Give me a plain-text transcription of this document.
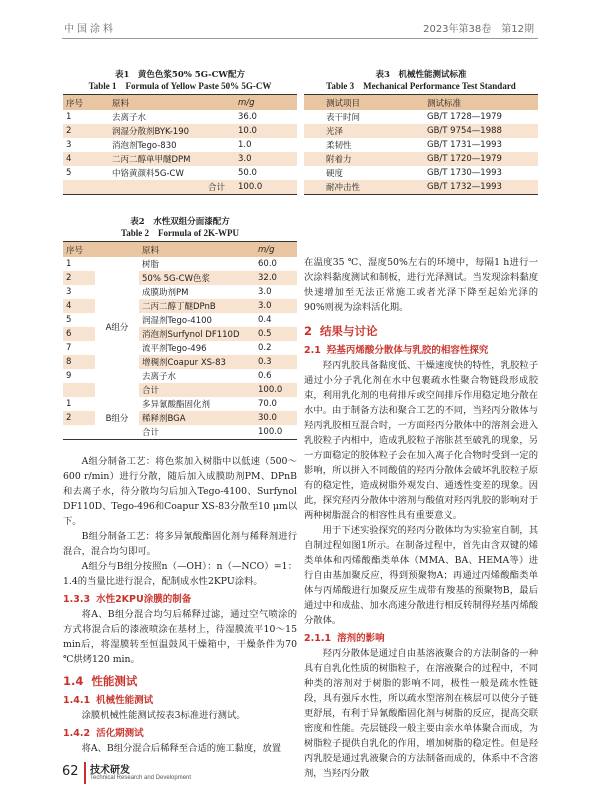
中国涂料	2023年第38卷　第12期
表1　黄色色浆50% 5G-CW配方
Table 1　Formula of Yellow Paste 50% 5G-CW
序号	原料	m/g
1	去离子水	36.0
2	润湿分散剂BYK-190	10.0
3	消泡剂Tego-830	1.0
4	二丙二醇单甲醚DPM	3.0
5	中铬黄颜料5G-CW	50.0
	合计	100.0
表2　水性双组分面漆配方
Table 2　Formula of 2K-WPU
序号		原料	m/g
1	A组分	树脂	60.0
2		50% 5G-CW色浆	32.0
3		成膜助剂PM	3.0
4		二丙二醇丁醚DPnB	3.0
5		润湿剂Tego-4100	0.4
6		消泡剂Surfynol DF110D	0.5
7		流平剂Tego-496	0.2
8		增稠剂Coapur XS-83	0.3
9		去离子水	0.6
		合计	100.0
1	B组分	多异氰酸酯固化剂	70.0
2		稀释剂BGA	30.0
		合计	100.0

A组分制备工艺：将色浆加入树脂中以低速（500～600 r/min）进行分散，随后加入成膜助剂PM、DPnB和去离子水，待分散均匀后加入Tego-4100、Surfynol DF110D、Tego-496和Coapur XS-83分散至10 μm以下。

B组分制备工艺：将多异氰酸酯固化剂与稀释剂进行混合，混合均匀即可。

A组分与B组分按照n（—OH）：n（—NCO）=1：1.4的当量比进行混合，配制成水性2KPU涂料。

1.3.3 水性2KPU涂膜的制备

将A、B组分混合均匀后稀释过滤，通过空气喷涂的方式将混合后的漆液喷涂在基材上，待湿膜流平10～15 min后，将湿膜转至恒温鼓风干燥箱中，干燥条件为70 ℃烘烤120 min。

1.4 性能测试
1.4.1 机械性能测试

涂膜机械性能测试按表3标准进行测试。

1.4.2 活化期测试

将A、B组分混合后稀释至合适的施工黏度，放置

表3　机械性能测试标准
Table 3　Mechanical Performance Test Standard
测试项目	测试标准
表干时间	GB/T 1728—1979
光泽	GB/T 9754—1988
柔韧性	GB/T 1731—1993
附着力	GB/T 1720—1979
硬度	GB/T 1730—1993
耐冲击性	GB/T 1732—1993

在温度35 ℃、湿度50%左右的环境中，每隔1 h进行一次涂料黏度测试和制板，进行光泽测试。当发现涂料黏度快速增加至无法正常施工或者光泽下降至起始光泽的90%则视为涂料活化期。

2 结果与讨论
2.1 羟基丙烯酸分散体与乳胶的相容性探究

羟丙乳胶具备黏度低、干燥速度快的特性，乳胶粒子通过小分子乳化剂在水中包裹疏水性聚合物链段形成胶束，利用乳化剂的电荷排斥或空间排斥作用稳定地分散在水中。由于制备方法和聚合工艺的不同，当羟丙分散体与羟丙乳胶相互混合时，一方面羟丙分散体中的溶剂会进入乳胶粒子内相中，造成乳胶粒子溶胀甚至破乳的现象，另一方面稳定的胶体粒子会在加入离子化合物时受到一定的影响，所以拼入不同酸值的羟丙分散体会破坏乳胶粒子原有的稳定性，造成树脂外观发白、通透性变差的现象。因此，探究羟丙分散体中溶剂与酸值对羟丙乳胶的影响对于两种树脂混合的相容性具有重要意义。

用于下述实验探究的羟丙分散体均为实验室自制，其自制过程如图1所示。在制备过程中，首先由含双键的烯类单体和丙烯酸酯类单体（MMA、BA、HEMA等）进行自由基加聚反应，得到预聚物A；再通过丙烯酸酯类单体与丙烯酸进行加聚反应生成带有羧基的预聚物B，最后通过中和成盐、加水高速分散进行相反转制得羟基丙烯酸分散体。

2.1.1 溶剂的影响

羟丙分散体是通过自由基溶液聚合的方法制备的一种具有自乳化性质的树脂粒子，在溶液聚合的过程中，不同种类的溶剂对于树脂的影响不同，极性一般是疏水性链段，具有强斥水性，所以疏水型溶剂在核层可以使分子链更舒展，有利于异氰酸酯固化剂与树脂的反应，提高交联密度和性能。壳层链段一般主要由亲水单体聚合而成，为树脂粒子提供自乳化的作用，增加树脂的稳定性。但是羟丙乳胶是通过乳液聚合的方法制备而成的，体系中不含溶剂，当羟丙分散

62 技术研发
Technical Research and Development
